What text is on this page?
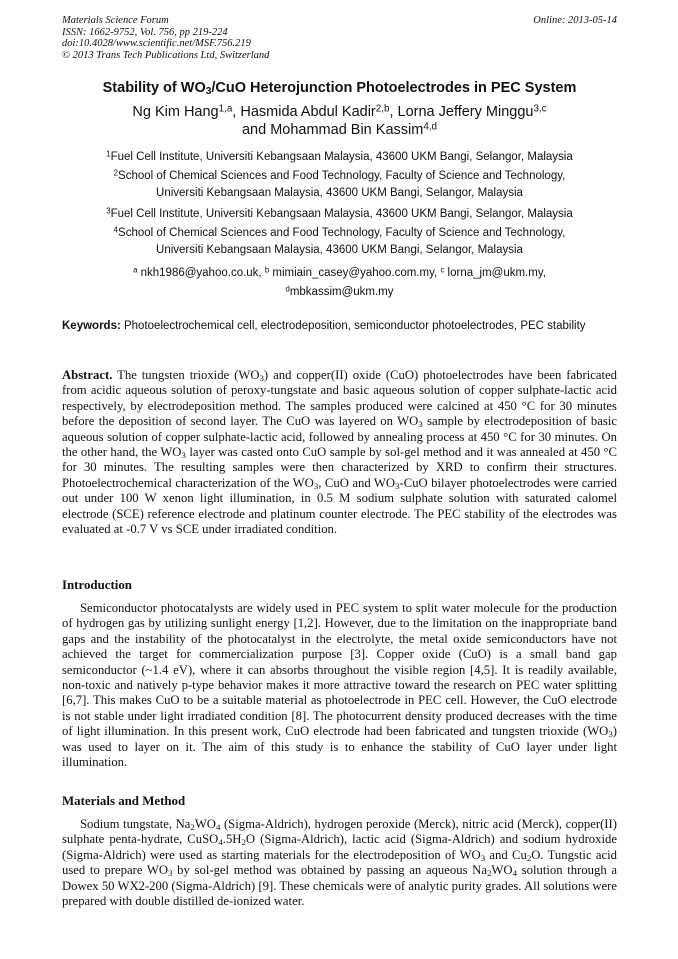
Materials Science Forum
ISSN: 1662-9752, Vol. 756, pp 219-224
doi:10.4028/www.scientific.net/MSF.756.219
© 2013 Trans Tech Publications Ltd, Switzerland
Online: 2013-05-14
Stability of $WO_3$/CuO Heterojunction Photoelectrodes in PEC System
Ng Kim Hang$^{1,a}$, Hasmida Abdul Kadir$^{2,b}$, Lorna Jeffery Minggu$^{3,c}$
and Mohammad Bin Kassim$^{4,d}$
$^1$Fuel Cell Institute, Universiti Kebangsaan Malaysia, 43600 UKM Bangi, Selangor, Malaysia
$^2$School of Chemical Sciences and Food Technology, Faculty of Science and Technology,
Universiti Kebangsaan Malaysia, 43600 UKM Bangi, Selangor, Malaysia
$^3$Fuel Cell Institute, Universiti Kebangsaan Malaysia, 43600 UKM Bangi, Selangor, Malaysia
$^4$School of Chemical Sciences and Food Technology, Faculty of Science and Technology,
Universiti Kebangsaan Malaysia, 43600 UKM Bangi, Selangor, Malaysia
$^a$ nkh1986@yahoo.co.uk, $^b$ mimiain_casey@yahoo.com.my, $^c$ lorna_jm@ukm.my,
$^d$mbkassim@ukm.my
Keywords: Photoelectrochemical cell, electrodeposition, semiconductor photoelectrodes, PEC stability
Abstract. The tungsten trioxide $(WO_3)$ and copper(II) oxide (CuO) photoelectrodes have been fabricated from acidic aqueous solution of peroxy-tungstate and basic aqueous solution of copper sulphate-lactic acid respectively, by electrodeposition method. The samples produced were calcined at 450 °C for 30 minutes before the deposition of second layer. The CuO was layered on $WO_3$ sample by electrodeposition of basic aqueous solution of copper sulphate-lactic acid, followed by annealing process at 450 °C for 30 minutes. On the other hand, the $WO_3$ layer was casted onto CuO sample by sol-gel method and it was annealed at 450 °C for 30 minutes. The resulting samples were then characterized by XRD to confirm their structures. Photoelectrochemical characterization of the $WO_3$, CuO and $WO_3$-CuO bilayer photoelectrodes were carried out under 100 W xenon light illumination, in 0.5 M sodium sulphate solution with saturated calomel electrode (SCE) reference electrode and platinum counter electrode. The PEC stability of the electrodes was evaluated at -0.7 V vs SCE under irradiated condition.
Introduction
Semiconductor photocatalysts are widely used in PEC system to split water molecule for the production of hydrogen gas by utilizing sunlight energy [1,2]. However, due to the limitation on the inappropriate band gaps and the instability of the photocatalyst in the electrolyte, the metal oxide semiconductors have not achieved the target for commercialization purpose [3]. Copper oxide (CuO) is a small band gap semiconductor (~1.4 eV), where it can absorbs throughout the visible region [4,5]. It is readily available, non-toxic and natively p-type behavior makes it more attractive toward the research on PEC water splitting [6,7]. This makes CuO to be a suitable material as photoelectrode in PEC cell. However, the CuO electrode is not stable under light irradiated condition [8]. The photocurrent density produced decreases with the time of light illumination. In this present work, CuO electrode had been fabricated and tungsten trioxide $(WO_3)$ was used to layer on it. The aim of this study is to enhance the stability of CuO layer under light illumination.
Materials and Method
Sodium tungstate, $Na_2WO_4$ (Sigma-Aldrich), hydrogen peroxide (Merck), nitric acid (Merck), copper(II) sulphate penta-hydrate, $CuSO_4.5H_2O$ (Sigma-Aldrich), lactic acid (Sigma-Aldrich) and sodium hydroxide (Sigma-Aldrich) were used as starting materials for the electrodeposition of $WO_3$ and $Cu_2O$. Tungstic acid used to prepare $WO_3$ by sol-gel method was obtained by passing an aqueous $Na_2WO_4$ solution through a Dowex 50 WX2-200 (Sigma-Aldrich) [9]. These chemicals were of analytic purity grades. All solutions were prepared with double distilled de-ionized water.
